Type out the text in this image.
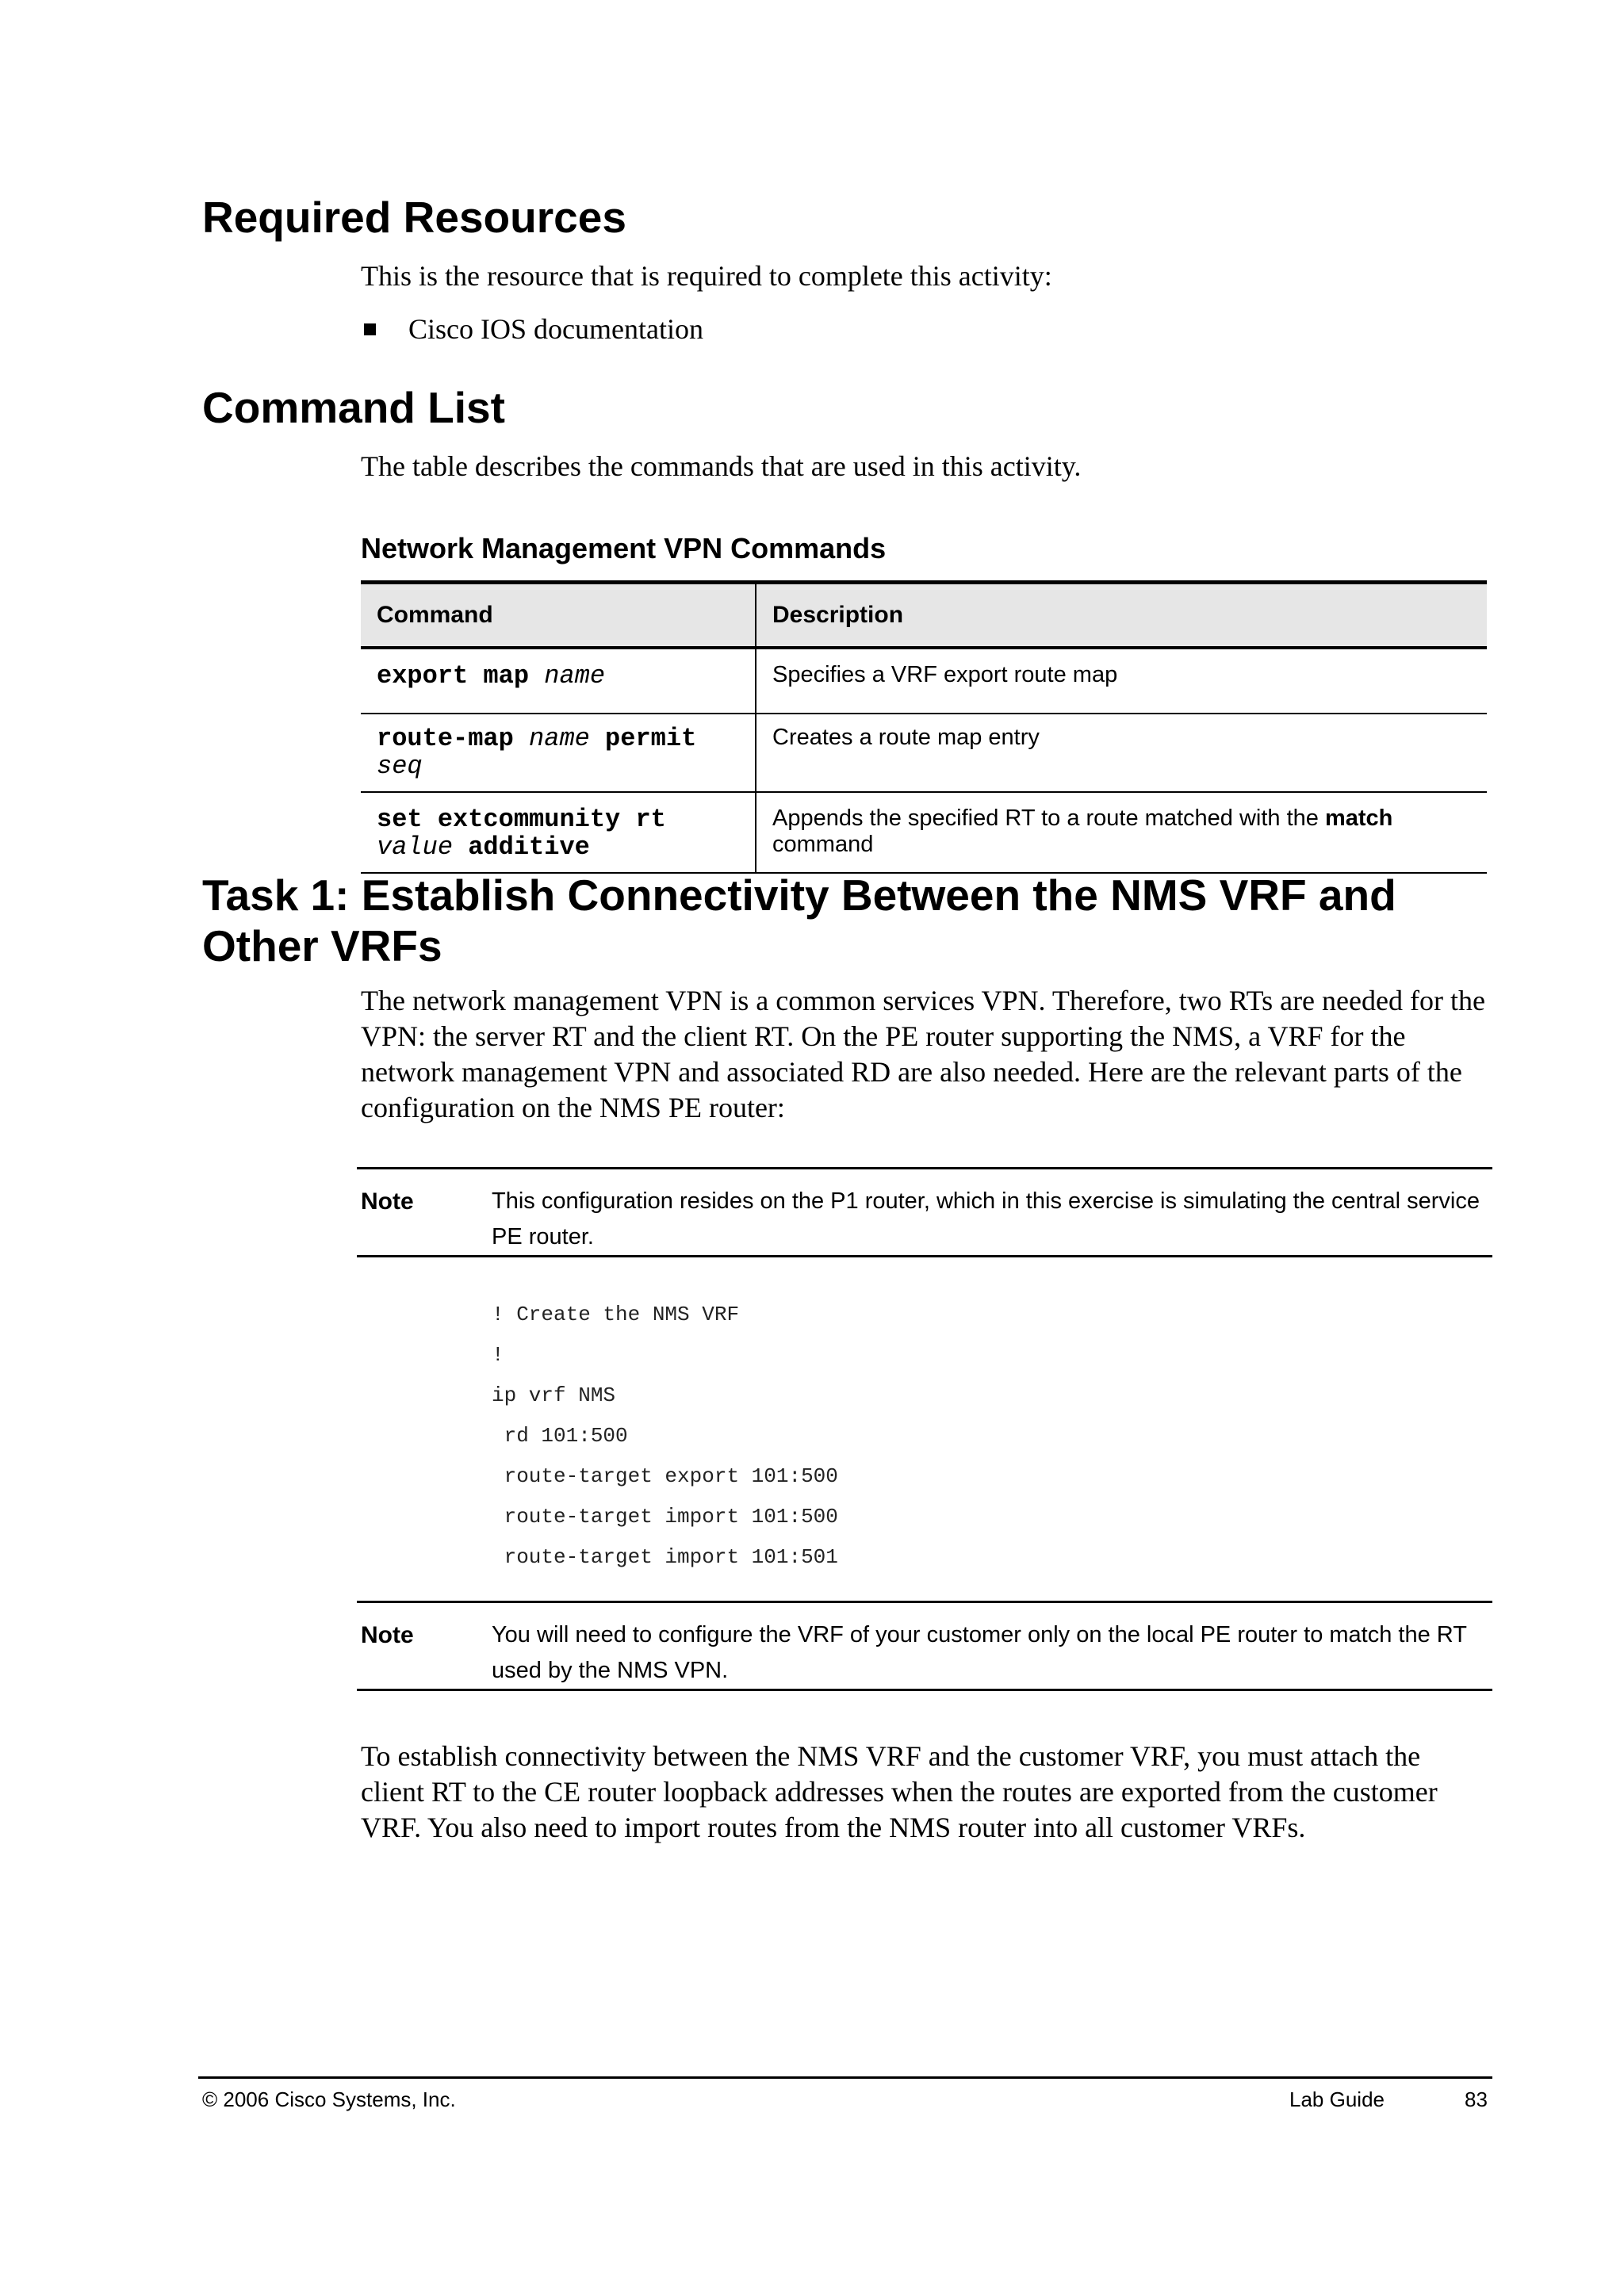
Required Resources

This is the resource that is required to complete this activity:

Cisco IOS documentation
Command List

The table describes the commands that are used in this activity.

Network Management VPN Commands

Command	Description
export map name	Specifies a VRF export route map
route-map name permit
seq	Creates a route map entry
set extcommunity rt
value additive	Appends the specified RT to a route matched with the match command
Task 1: Establish Connectivity Between the NMS VRF and
Other VRFs

The network management VPN is a common services VPN. Therefore, two RTs are needed for the VPN: the server RT and the client RT. On the PE router supporting the NMS, a VRF for the network management VPN and associated RD are also needed. Here are the relevant parts of the configuration on the NMS PE router:

Note	This configuration resides on the P1 router, which in this exercise is simulating the central service PE router.
! Create the NMS VRF
!
ip vrf NMS
rd 101:500
route-target export 101:500
route-target import 101:500
route-target import 101:501
Note	You will need to configure the VRF of your customer only on the local PE router to match the RT used by the NMS VPN.

To establish connectivity between the NMS VRF and the customer VRF, you must attach the client RT to the CE router loopback addresses when the routes are exported from the customer VRF. You also need to import routes from the NMS router into all customer VRFs.

© 2006 Cisco Systems, Inc.	Lab Guide	83
